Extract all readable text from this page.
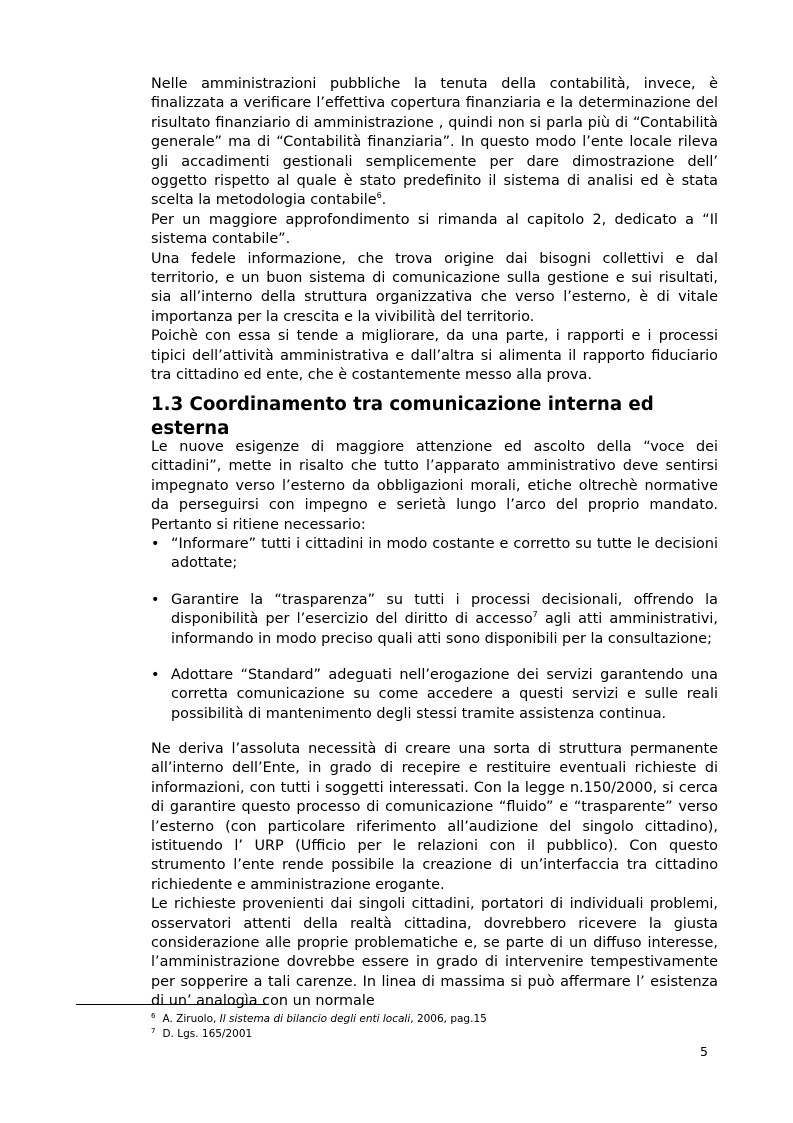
Nelle amministrazioni pubbliche la tenuta della contabilità, invece, è finalizzata a verificare l’effettiva copertura finanziaria e la determinazione del risultato finanziario di amministrazione , quindi non si parla più di “Contabilità generale” ma di “Contabilità finanziaria”. In questo modo l’ente locale rileva gli accadimenti gestionali semplicemente per dare dimostrazione dell’ oggetto rispetto al quale è stato predefinito il sistema di analisi ed è stata scelta la metodologia contabile$^6$.

Per un maggiore approfondimento si rimanda al capitolo 2, dedicato a “Il sistema contabile”.

Una fedele informazione, che trova origine dai bisogni collettivi e dal territorio, e un buon sistema di comunicazione sulla gestione e sui risultati, sia all’interno della struttura organizzativa che verso l’esterno, è di vitale importanza per la crescita e la vivibilità del territorio.

Poichè con essa si tende a migliorare, da una parte, i rapporti e i processi tipici dell’attività amministrativa e dall’altra si alimenta il rapporto fiduciario tra cittadino ed ente, che è costantemente messo alla prova.

1.3 Coordinamento tra comunicazione interna ed esterna

Le nuove esigenze di maggiore attenzione ed ascolto della “voce dei cittadini”, mette in risalto che tutto l’apparato amministrativo deve sentirsi impegnato verso l’esterno da obbligazioni morali, etiche oltrechè normative da perseguirsi con impegno e serietà lungo l’arco del proprio mandato. Pertanto si ritiene necessario:

• “Informare” tutti i cittadini in modo costante e corretto su tutte le decisioni adottate;
• Garantire la “trasparenza” su tutti i processi decisionali, offrendo la disponibilità per l’esercizio del diritto di accesso$^7$ agli atti amministrativi, informando in modo preciso quali atti sono disponibili per la consultazione;
• Adottare “Standard” adeguati nell’erogazione dei servizi garantendo una corretta comunicazione su come accedere a questi servizi e sulle reali possibilità di mantenimento degli stessi tramite assistenza continua.

Ne deriva l’assoluta necessità di creare una sorta di struttura permanente all’interno dell’Ente, in grado di recepire e restituire eventuali richieste di informazioni, con tutti i soggetti interessati. Con la legge n.150/2000, si cerca di garantire questo processo di comunicazione “fluido” e “trasparente” verso l’esterno (con particolare riferimento all’audizione del singolo cittadino), istituendo l’ URP (Ufficio per le relazioni con il pubblico). Con questo strumento l’ente rende possibile la creazione di un’interfaccia tra cittadino richiedente e amministrazione erogante.

Le richieste provenienti dai singoli cittadini, portatori di individuali problemi, osservatori attenti della realtà cittadina, dovrebbero ricevere la giusta considerazione alle proprie problematiche e, se parte di un diffuso interesse, l’amministrazione dovrebbe essere in grado di intervenire tempestivamente per sopperire a tali carenze. In linea di massima si può affermare l’ esistenza di un’ analogìa con un normale

$^6$ A. Ziruolo, Il sistema di bilancio degli enti locali, 2006, pag.15

$^7$ D. Lgs. 165/2001

5
